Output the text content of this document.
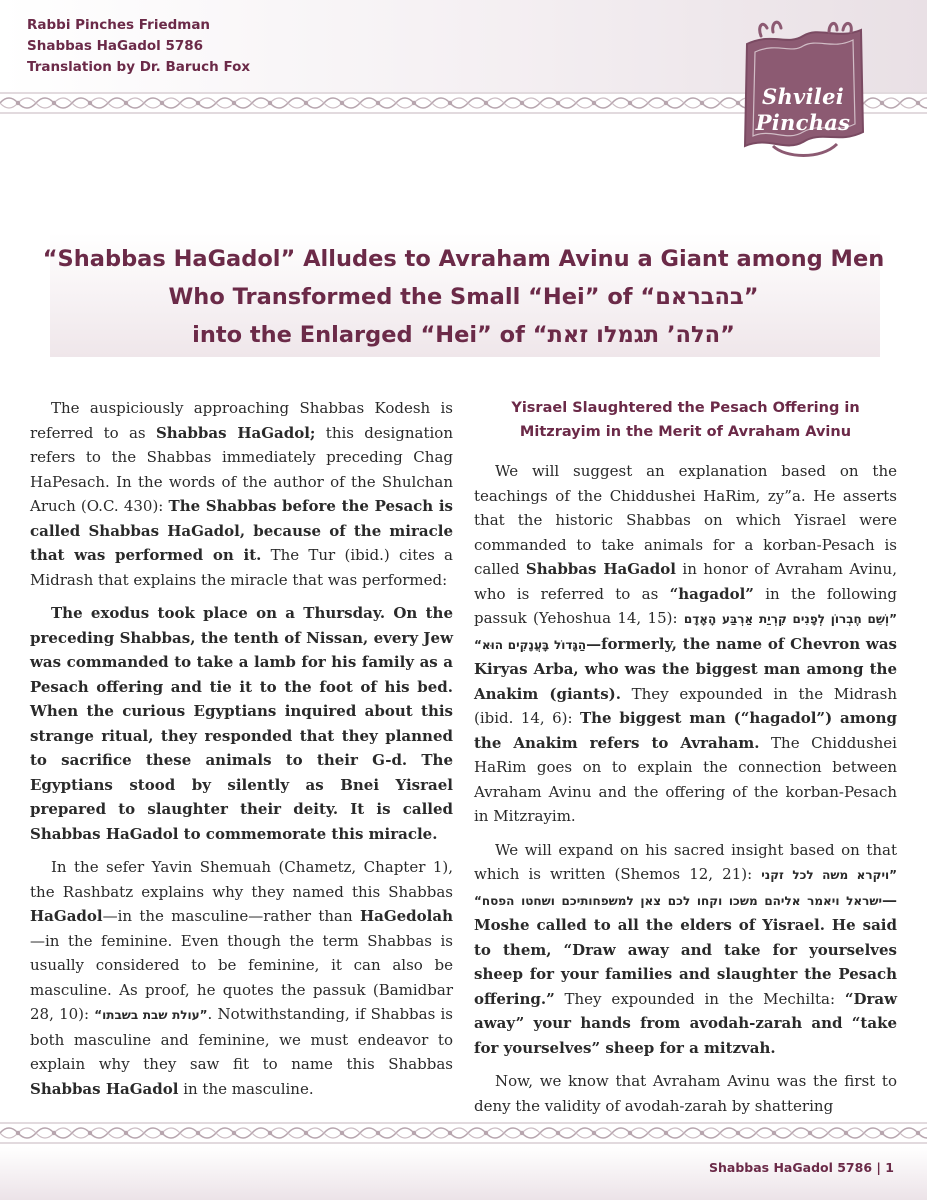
Rabbi Pinches Friedman
Shabbas HaGadol 5786
Translation by Dr. Baruch Fox
Shvilei
Pinchas
“Shabbas HaGadol” Alludes to Avraham Avinu a Giant among Men
Who Transformed the Small “Hei” of ”בהבראם“
into the Enlarged “Hei” of ”הלה’ תגמלו זאת“

The auspiciously approaching Shabbas Kodesh is referred to as Shabbas HaGadol; this designation refers to the Shabbas immediately preceding Chag HaPesach. In the words of the author of the Shulchan Aruch (O.C. 430): The Shabbas before the Pesach is called Shabbas HaGadol, because of the miracle that was performed on it. The Tur (ibid.) cites a Midrash that explains the miracle that was performed:

The exodus took place on a Thursday. On the preceding Shabbas, the tenth of Nissan, every Jew was commanded to take a lamb for his family as a Pesach offering and tie it to the foot of his bed. When the curious Egyptians inquired about this strange ritual, they responded that they planned to sacrifice these animals to their G-d. The Egyptians stood by silently as Bnei Yisrael prepared to slaughter their deity. It is called Shabbas HaGadol to commemorate this miracle.

In the sefer Yavin Shemuah (Chametz, Chapter 1), the Rashbatz explains why they named this Shabbas HaGadol—in the masculine—rather than HaGedolah—in the feminine. Even though the term Shabbas is usually considered to be feminine, it can also be masculine. As proof, he quotes the passuk (Bamidbar 28, 10): ”עולת שבת בשבתו“. Notwithstanding, if Shabbas is both masculine and feminine, we must endeavor to explain why they saw fit to name this Shabbas Shabbas HaGadol in the masculine.

Yisrael Slaughtered the Pesach Offering in
Mitzrayim in the Merit of Avraham Avinu

We will suggest an explanation based on the teachings of the Chiddushei HaRim, zy”a. He asserts that the historic Shabbas on which Yisrael were commanded to take animals for a korban-Pesach is called Shabbas HaGadol in honor of Avraham Avinu, who is referred to as “hagadol” in the following passuk (Yehoshua 14, 15): ”וְשֵׁם חֶבְרוֹן לְפָנִים קִרְיַת אַרְבַּע הָאָדָם הַגָּדוֹל בָּעֲנָקִים הוּא“—formerly, the name of Chevron was Kiryas Arba, who was the biggest man among the Anakim (giants). They expounded in the Midrash (ibid. 14, 6): The biggest man (“hagadol”) among the Anakim refers to Avraham. The Chiddushei HaRim goes on to explain the connection between Avraham Avinu and the offering of the korban-Pesach in Mitzrayim.

We will expand on his sacred insight based on that which is written (Shemos 12, 21): ”ויקרא משה לכל זקני ישראל ויאמר אליהם משכו וקחו לכם צאן למשפחותיכם ושחטו הפסח“—Moshe called to all the elders of Yisrael. He said to them, “Draw away and take for yourselves sheep for your families and slaughter the Pesach offering.” They expounded in the Mechilta: “Draw away” your hands from avodah-zarah and “take for yourselves” sheep for a mitzvah.

Now, we know that Avraham Avinu was the first to deny the validity of avodah-zarah by shattering

Shabbas HaGadol 5786 | 1
